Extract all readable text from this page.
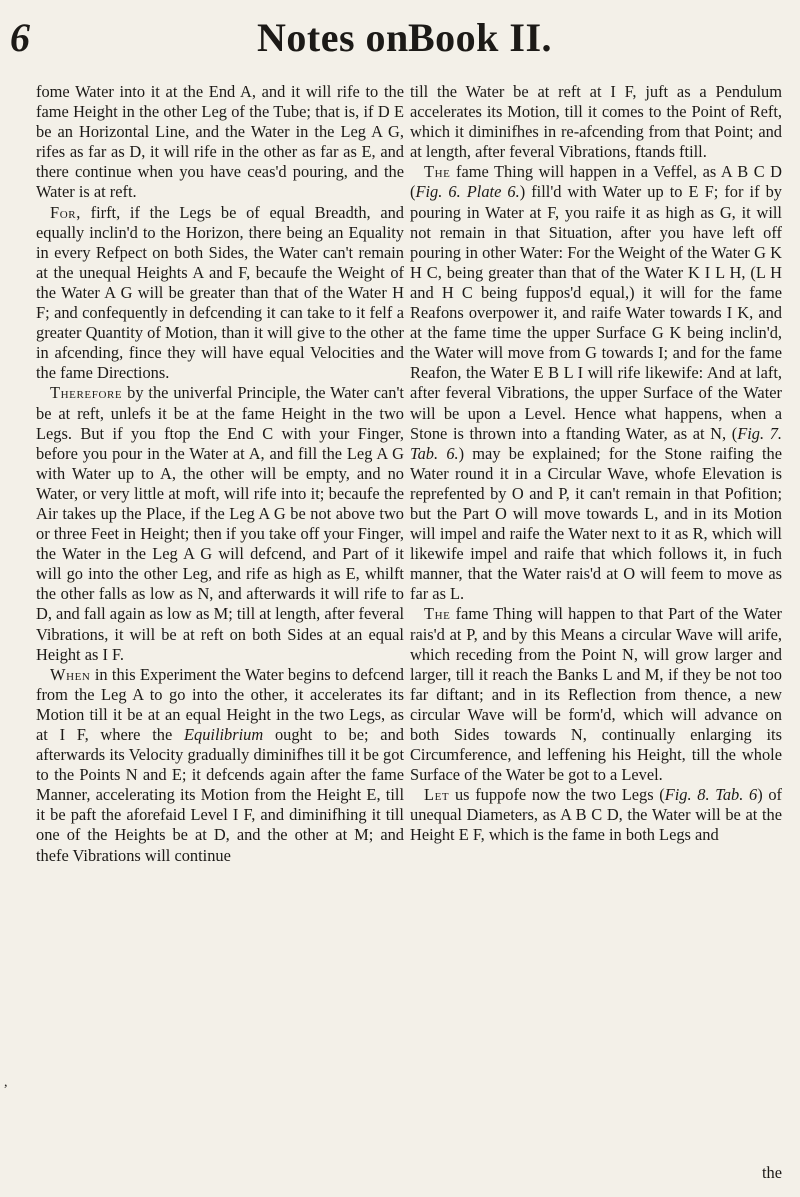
6	Notes on Book II.

fome Water into it at the End A, and it will rife to the fame Height in the other Leg of the Tube; that is, if D E be an Horizontal Line, and the Water in the Leg A G, rifes as far as D, it will rife in the other as far as E, and there continue when you have ceas'd pouring, and the Water is at reft.

For, firft, if the Legs be of equal Breadth, and equally inclin'd to the Horizon, there being an Equality in every Refpect on both Sides, the Water can't remain at the unequal Heights A and F, becaufe the Weight of the Water A G will be greater than that of the Water H F; and confequently in defcending it can take to it felf a greater Quantity of Motion, than it will give to the other in afcending, fince they will have equal Velocities and the fame Directions.

Therefore by the univerfal Principle, the Water can't be at reft, unlefs it be at the fame Height in the two Legs. But if you ftop the End C with your Finger, before you pour in the Water at A, and fill the Leg A G with Water up to A, the other will be empty, and no Water, or very little at moft, will rife into it; becaufe the Air takes up the Place, if the Leg A G be not above two or three Feet in Height; then if you take off your Finger, the Water in the Leg A G will defcend, and Part of it will go into the other Leg, and rife as high as E, whilft the other falls as low as N, and afterwards it will rife to D, and fall again as low as M; till at length, after feveral Vibrations, it will be at reft on both Sides at an equal Height as I F.

When in this Experiment the Water begins to defcend from the Leg A to go into the other, it accelerates its Motion till it be at an equal Height in the two Legs, as at I F, where the Equilibrium ought to be; and afterwards its Velocity gradually diminifhes till it be got to the Points N and E; it defcends again after the fame Manner, accelerating its Motion from the Height E, till it be paft the aforefaid Level I F, and diminifhing it till one of the Heights be at D, and the other at M; and thefe Vibrations will continue

till the Water be at reft at I F, juft as a Pendulum accelerates its Motion, till it comes to the Point of Reft, which it diminifhes in re-afcending from that Point; and at length, after feveral Vibrations, ftands ftill.

The fame Thing will happen in a Veffel, as A B C D (Fig. 6. Plate 6.) fill'd with Water up to E F; for if by pouring in Water at F, you raife it as high as G, it will not remain in that Situation, after you have left off pouring in other Water: For the Weight of the Water G K H C, being greater than that of the Water K I L H, (L H and H C being fuppos'd equal,) it will for the fame Reafons overpower it, and raife Water towards I K, and at the fame time the upper Surface G K being inclin'd, the Water will move from G towards I; and for the fame Reafon, the Water E B L I will rife likewife: And at laft, after feveral Vibrations, the upper Surface of the Water will be upon a Level. Hence what happens, when a Stone is thrown into a ftanding Water, as at N, (Fig. 7. Tab. 6.) may be explained; for the Stone raifing the Water round it in a Circular Wave, whofe Elevation is reprefented by O and P, it can't remain in that Pofition; but the Part O will move towards L, and in its Motion will impel and raife the Water next to it as R, which will likewife impel and raife that which follows it, in fuch manner, that the Water rais'd at O will feem to move as far as L.

The fame Thing will happen to that Part of the Water rais'd at P, and by this Means a circular Wave will arife, which receding from the Point N, will grow larger and larger, till it reach the Banks L and M, if they be not too far diftant; and in its Reflection from thence, a new circular Wave will be form'd, which will advance on both Sides towards N, continually enlarging its Circumference, and leffening his Height, till the whole Surface of the Water be got to a Level.

Let us fuppofe now the two Legs (Fig. 8. Tab. 6) of unequal Diameters, as A B C D, the Water will be at the Height E F, which is the fame in both Legs and

,
the
